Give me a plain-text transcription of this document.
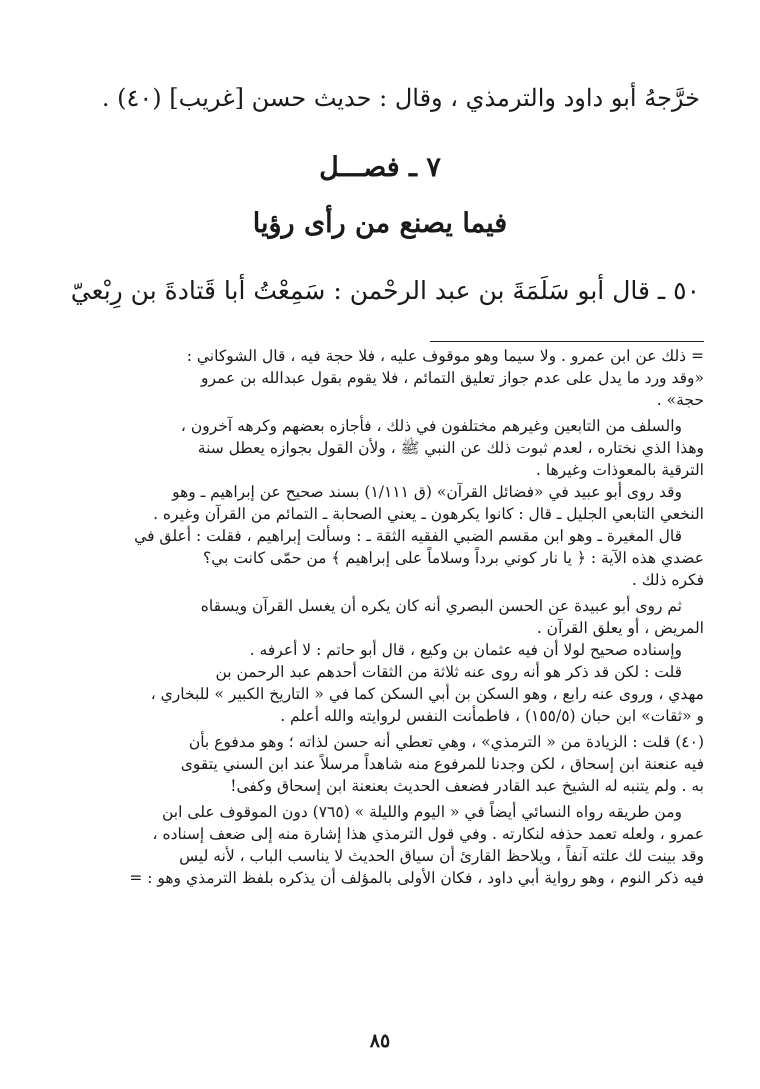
خرَّجهُ أبو داود والترمذي ، وقال : حديث حسن [غريب] (٤٠) .
٧ ـ فصـــل
فيما يصنع من رأى رؤيا
٥٠ ـ قال أبو سَلَمَةَ بن عبد الرحْمن : سَمِعْتُ أبا قَتادةَ بن رِبْعيّ
= ذلك عن ابن عمرو . ولا سيما وهو موقوف عليه ، فلا حجة فيه ، قال الشوكاني :
«وقد ورد ما يدل على عدم جواز تعليق التمائم ، فلا يقوم بقول عبدالله بن عمرو
حجة» .
والسلف من التابعين وغيرهم مختلفون في ذلك ، فأجازه بعضهم وكرهه آخرون ،
وهذا الذي نختاره ، لعدم ثبوت ذلك عن النبي ﷺ ، ولأن القول بجوازه يعطل سنة
الترقية بالمعوذات وغيرها .
وقد روى أبو عبيد في «فضائل القرآن» (ق ١/١١١) بسند صحيح عن إبراهيم ـ وهو
النخعي التابعي الجليل ـ قال : كانوا يكرهون ـ يعني الصحابة ـ التمائم من القرآن وغيره .
قال المغيرة ـ وهو ابن مقسم الضبي الفقيه الثقة ـ : وسألت إبراهيم ، فقلت : أعلق في
عضدي هذه الآية : ﴿ يا نار كوني برداً وسلاماً على إبراهيم ﴾ من حمّى كانت بي؟
فكره ذلك .
ثم روى أبو عبيدة عن الحسن البصري أنه كان يكره أن يغسل القرآن ويسقاه
المريض ، أو يعلق القرآن .
وإسناده صحيح لولا أن فيه عثمان بن وكيع ، قال أبو حاتم : لا أعرفه .
قلت : لكن قد ذكر هو أنه روى عنه ثلاثة من الثقات أحدهم عبد الرحمن بن
مهدي ، وروى عنه رابع ، وهو السكن بن أبي السكن كما في « التاريخ الكبير » للبخاري ،
و «ثقات» ابن حبان (١٥٥/٥) ، فاطمأنت النفس لروايته والله أعلم .
(٤٠) قلت : الزيادة من « الترمذي» ، وهي تعطي أنه حسن لذاته ؛ وهو مدفوع بأن
فيه عنعنة ابن إسحاق ، لكن وجدنا للمرفوع منه شاهداً مرسلاً عند ابن السني يتقوى
به . ولم يتنبه له الشيخ عبد القادر فضعف الحديث بعنعنة ابن إسحاق وكفى!
ومن طريقه رواه النسائي أيضاً في « اليوم والليلة » (٧٦٥) دون الموقوف على ابن
عمرو ، ولعله تعمد حذفه لنكارته . وفي قول الترمذي هذا إشارة منه إلى ضعف إسناده ،
وقد بينت لك علته آنفاً ، ويلاحظ القارئ أن سياق الحديث لا يناسب الباب ، لأنه ليس
فيه ذكر النوم ، وهو رواية أبي داود ، فكان الأولى بالمؤلف أن يذكره بلفظ الترمذي وهو : =
٨٥
